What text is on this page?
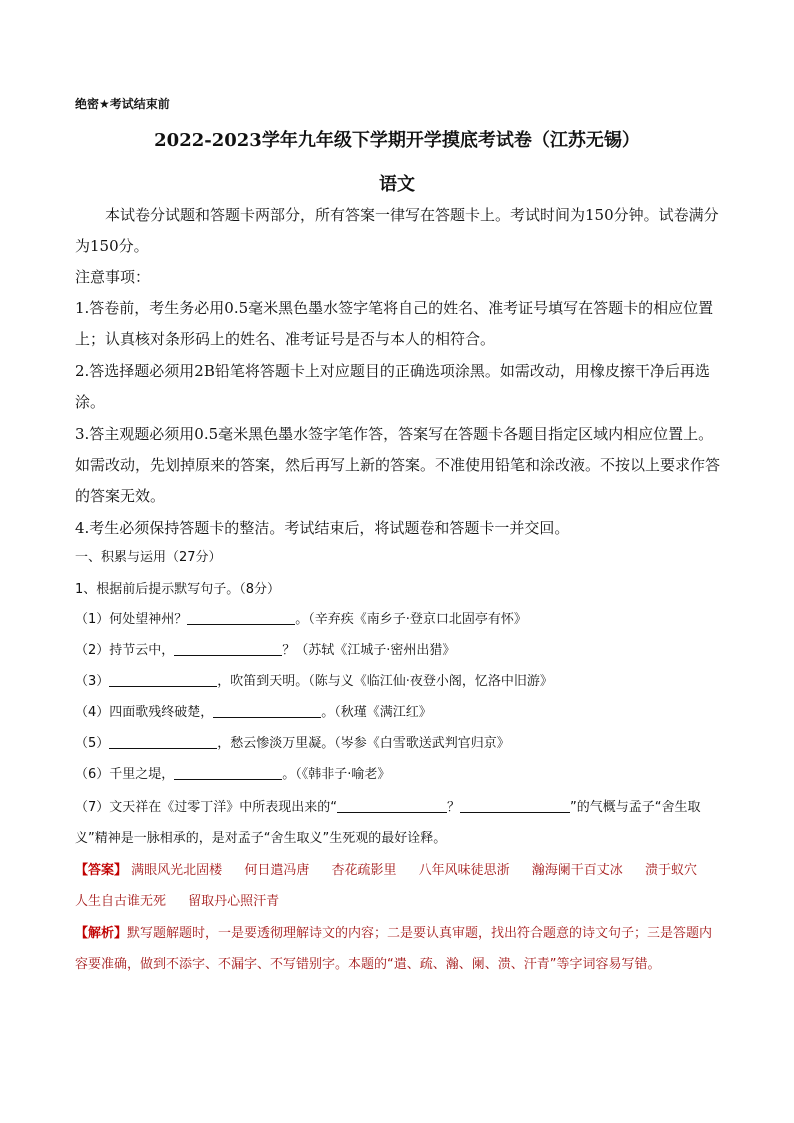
绝密★考试结束前
2022-2023学年九年级下学期开学摸底考试卷（江苏无锡）
语文
本试卷分试题和答题卡两部分，所有答案一律写在答题卡上。考试时间为150分钟。试卷满分为150分。
注意事项：
1.答卷前，考生务必用0.5毫米黑色墨水签字笔将自己的姓名、准考证号填写在答题卡的相应位置上；认真核对条形码上的姓名、准考证号是否与本人的相符合。
2.答选择题必须用2B铅笔将答题卡上对应题目的正确选项涂黑。如需改动，用橡皮擦干净后再选涂。
3.答主观题必须用0.5毫米黑色墨水签字笔作答，答案写在答题卡各题目指定区域内相应位置上。如需改动，先划掉原来的答案，然后再写上新的答案。不准使用铅笔和涂改液。不按以上要求作答的答案无效。
4.考生必须保持答题卡的整洁。考试结束后，将试题卷和答题卡一并交回。
一、积累与运用（27分）
1、根据前后提示默写句子。（8分）
（1）何处望神州？	。（辛弃疾《南乡子·登京口北固亭有怀》
（2）持节云中，	？（苏轼《江城子·密州出猎》
（3）	，吹笛到天明。（陈与义《临江仙·夜登小阁，忆洛中旧游》
（4）四面歌残终破楚，	。（秋瑾《满江红》
（5）	，愁云惨淡万里凝。（岑参《白雪歌送武判官归京》
（6）千里之堤，	。（《韩非子·喻老》
（7）文天祥在《过零丁洋》中所表现出来的“	？	”的气概与孟子“舍生取义”精神是一脉相承的，是对孟子“舍生取义”生死观的最好诠释。
【答案】 满眼风光北固楼 何日遣冯唐 杏花疏影里 八年风味徒思浙 瀚海阑干百丈冰 溃于蚁穴 人生自古谁无死 留取丹心照汗青
【解析】默写题解题时，一是要透彻理解诗文的内容；二是要认真审题，找出符合题意的诗文句子；三是答题内容要准确，做到不添字、不漏字、不写错别字。本题的“遣、疏、瀚、阑、溃、汗青”等字词容易写错。
